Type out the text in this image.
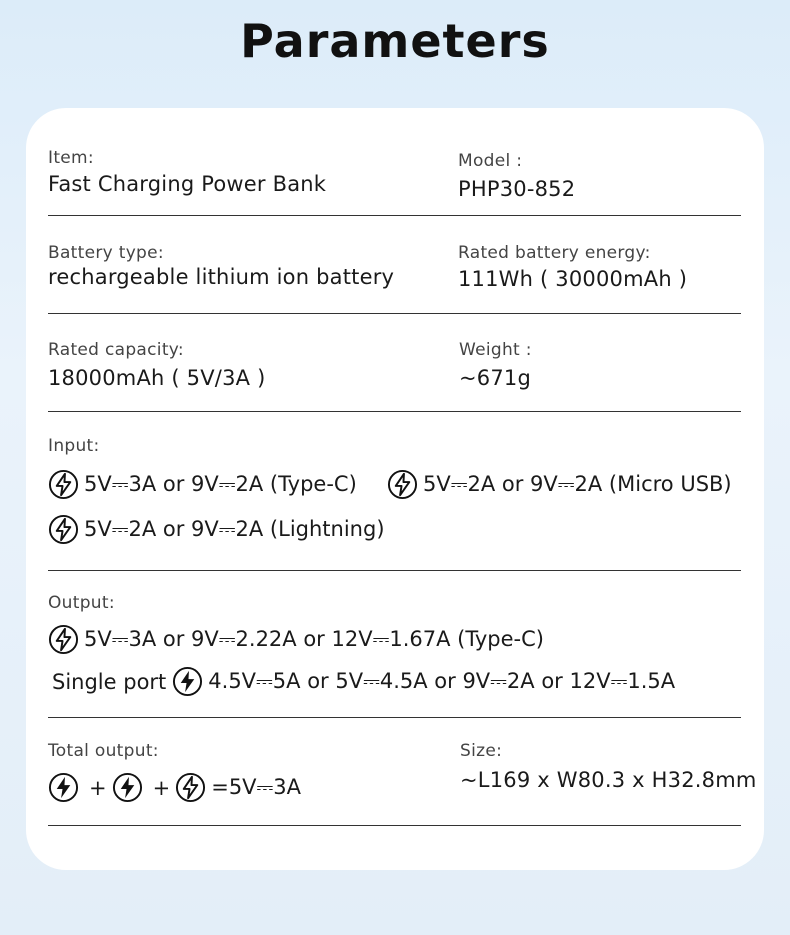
Parameters
Item:
Fast Charging Power Bank
Model :
PHP30-852
Battery type:
rechargeable lithium ion battery
Rated battery energy:
111Wh ( 30000mAh )
Rated capacity:
18000mAh ( 5V/3A )
Weight :
~671g
Input:
5V⎓3A or 9V⎓2A (Type-C)	5V⎓2A or 9V⎓2A (Micro USB)
5V⎓2A or 9V⎓2A (Lightning)
Output:
5V⎓3A or 9V⎓2.22A or 12V⎓1.67A (Type-C)
Single port 4.5V⎓5A or 5V⎓4.5A or 9V⎓2A or 12V⎓1.5A
Total output:
+ + =5V⎓3A
Size:
~L169 x W80.3 x H32.8mm
